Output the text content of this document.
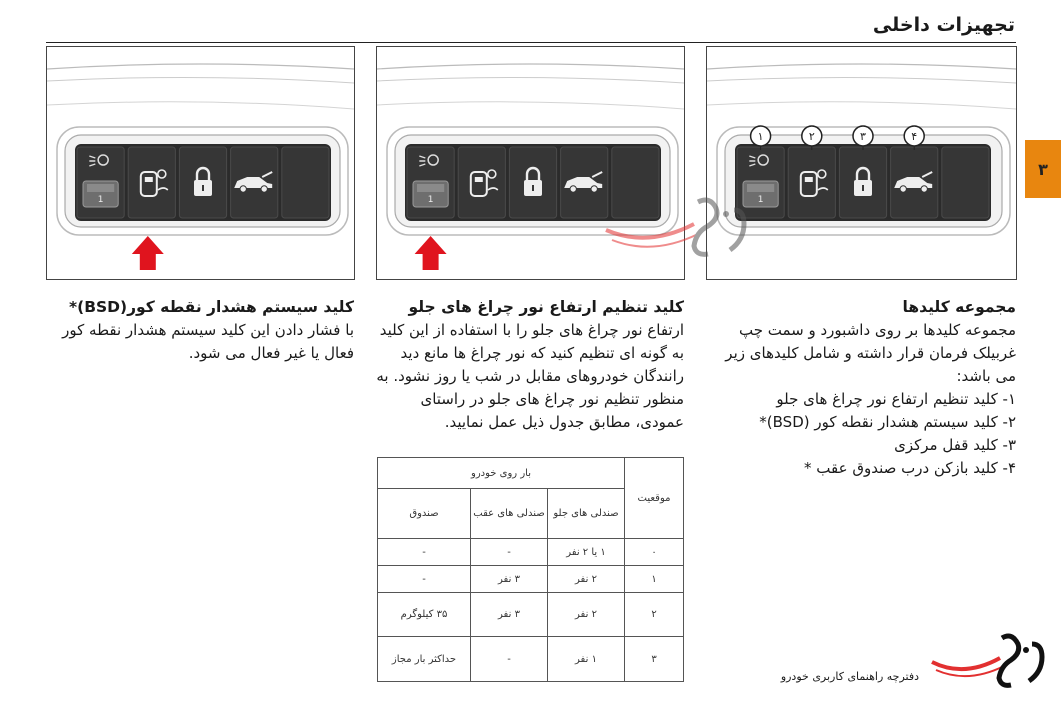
تجهیزات داخلی
۳
1	1	1
۱	۲	۳	۴
مجموعه کلیدها
مجموعه کلیدها بر روی داشبورد و سمت چپ غربیلک فرمان قرار داشته و شامل کلیدهای زیر می باشد:
۱- کلید تنظیم ارتفاع نور چراغ های جلو
۲- کلید سیستم هشدار نقطه کور (BSD)*
۳- کلید قفل مرکزی
۴- کلید بازکن درب صندوق عقب *
کلید تنظیم ارتفاع نور چراغ های جلو
ارتفاع نور چراغ های جلو را با استفاده از این کلید به گونه ای تنظیم کنید که نور چراغ ها مانع دید رانندگان خودروهای مقابل در شب یا روز نشود. به منظور تنظیم نور چراغ های جلو در راستای عمودی، مطابق جدول ذیل عمل نمایید.
کلید سیستم هشدار نقطه کور(BSD)*
با فشار دادن این کلید سیستم هشدار نقطه کور فعال یا غیر فعال می شود.
موقعیت	بار روی خودرو		
	صندلی های جلو	صندلی های عقب	صندوق
۰	۱ یا ۲ نفر	-	-
۱	۲ نفر	۳ نفر	-
۲	۲ نفر	۳ نفر	۳۵ کیلوگرم
۳	۱ نفر	-	حداکثر بار مجاز
دفترچه راهنمای کاربری خودرو
